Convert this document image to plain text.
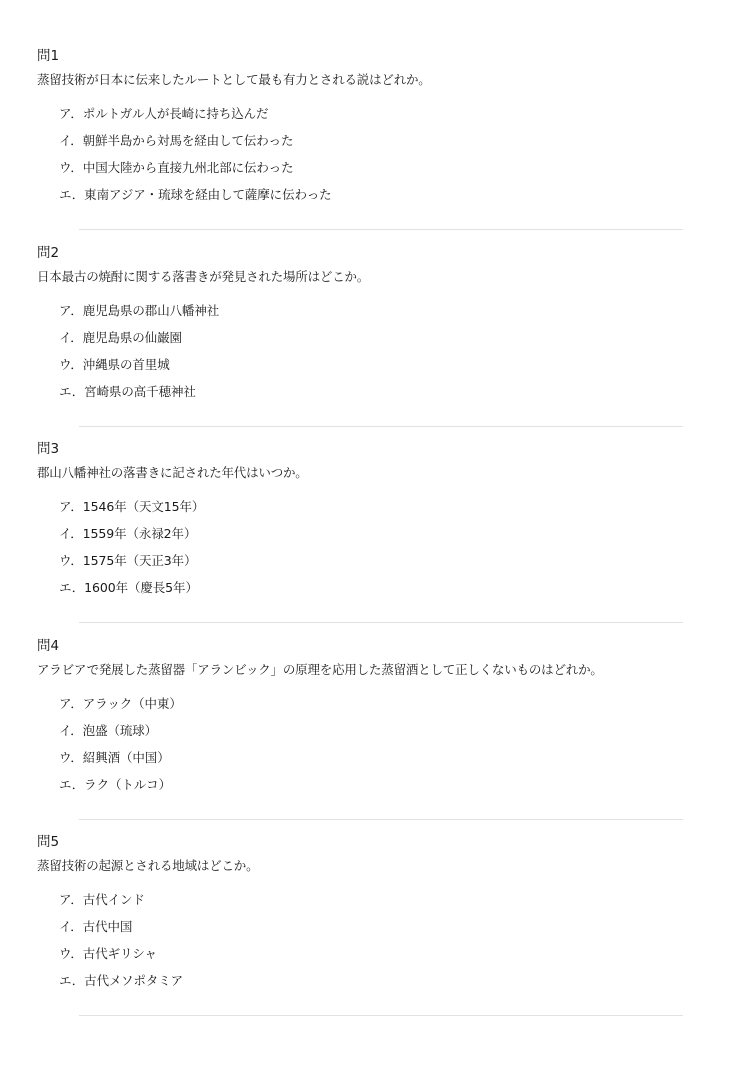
問1

蒸留技術が日本に伝来したルートとして最も有力とされる説はどれか。

ア．ポルトガル人が長崎に持ち込んだ
イ．朝鮮半島から対馬を経由して伝わった
ウ．中国大陸から直接九州北部に伝わった
エ．東南アジア・琉球を経由して薩摩に伝わった
問2

日本最古の焼酎に関する落書きが発見された場所はどこか。

ア．鹿児島県の郡山八幡神社
イ．鹿児島県の仙巌園
ウ．沖縄県の首里城
エ．宮崎県の高千穂神社
問3

郡山八幡神社の落書きに記された年代はいつか。

ア．1546年（天文15年）
イ．1559年（永禄2年）
ウ．1575年（天正3年）
エ．1600年（慶長5年）
問4

アラビアで発展した蒸留器「アランビック」の原理を応用した蒸留酒として正しくないものはどれか。

ア．アラック（中東）
イ．泡盛（琉球）
ウ．紹興酒（中国）
エ．ラク（トルコ）
問5

蒸留技術の起源とされる地域はどこか。

ア．古代インド
イ．古代中国
ウ．古代ギリシャ
エ．古代メソポタミア
